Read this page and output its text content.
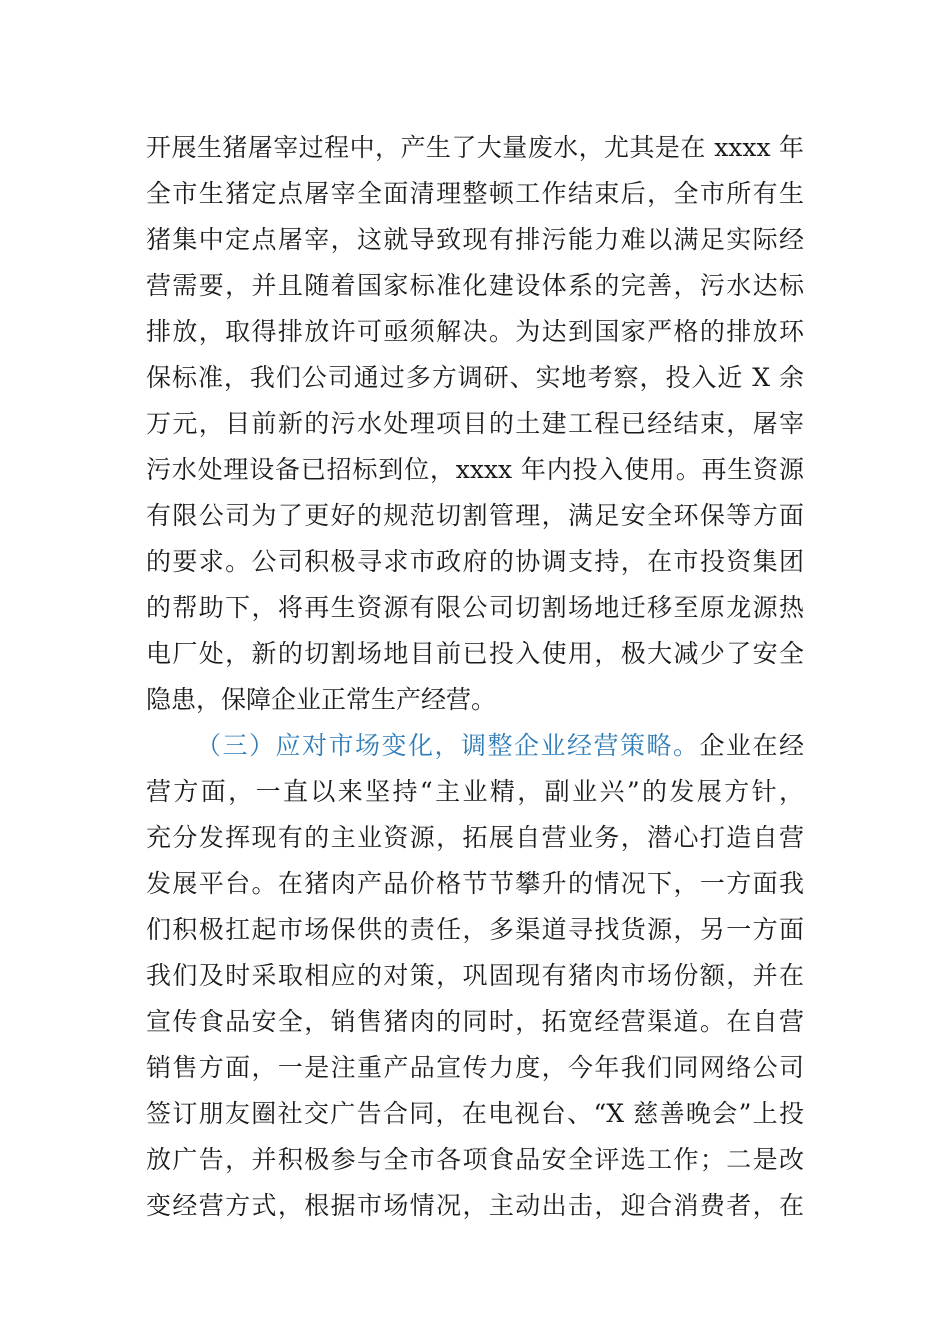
开展生猪屠宰过程中，产生了大量废水，尤其是在 xxxx 年
全市生猪定点屠宰全面清理整顿工作结束后，全市所有生
猪集中定点屠宰，这就导致现有排污能力难以满足实际经
营需要，并且随着国家标准化建设体系的完善，污水达标
排放，取得排放许可亟须解决。为达到国家严格的排放环
保标准，我们公司通过多方调研、实地考察，投入近 X 余
万元，目前新的污水处理项目的土建工程已经结束，屠宰
污水处理设备已招标到位，xxxx 年内投入使用。再生资源
有限公司为了更好的规范切割管理，满足安全环保等方面
的要求。公司积极寻求市政府的协调支持，在市投资集团
的帮助下，将再生资源有限公司切割场地迁移至原龙源热
电厂处，新的切割场地目前已投入使用，极大减少了安全
隐患，保障企业正常生产经营。
（三）应对市场变化，调整企业经营策略。企业在经
营方面，一直以来坚持“主业精，副业兴”的发展方针，
充分发挥现有的主业资源，拓展自营业务，潜心打造自营
发展平台。在猪肉产品价格节节攀升的情况下，一方面我
们积极扛起市场保供的责任，多渠道寻找货源，另一方面
我们及时采取相应的对策，巩固现有猪肉市场份额，并在
宣传食品安全，销售猪肉的同时，拓宽经营渠道。在自营
销售方面，一是注重产品宣传力度，今年我们同网络公司
签订朋友圈社交广告合同，在电视台、“X 慈善晚会”上投
放广告，并积极参与全市各项食品安全评选工作；二是改
变经营方式，根据市场情况，主动出击，迎合消费者，在
